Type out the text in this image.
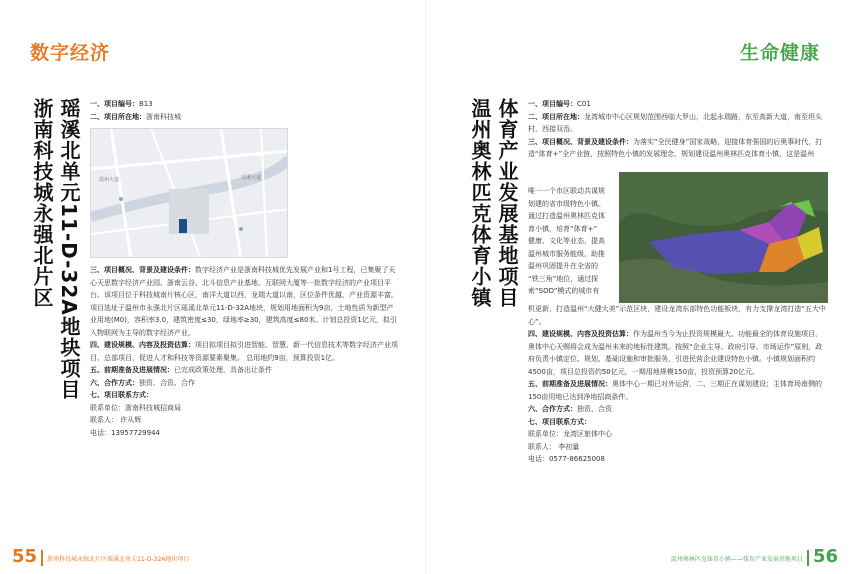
数字经济
瑶溪北单元11-D-32A地块项目
浙南科技城永强北片区	一、项目编号：B13
二、项目所在地：浙南科技城
瑶溪大道
温州大道
三、项目概况、背景及建设条件：数字经济产业是浙南科技城优先发展产业和1号工程，已集聚了天心天思数字经济产业园、浙南云谷、北斗信息产业基地、互联网大厦等一批数字经济的产业项目平台。该项目位于科技城南片核心区，南洋大道以西，龙瑞大道以南，区位条件优越，产业资源丰富。项目选址于温州市永强北片区瑶溪北单元11-D-32A地块，规划用地面积为9亩，土地性质为新型产业用地(M0)，容积率3.0，建筑密度≤30，绿地率≥30，建筑高度≤80米。计划总投资1亿元，拟引入物联网为主导的数字经济产业。
四、建设规模、内容及投资估算：项目拟项目拟引进智能、智慧、新一代信息技术等数字经济产业项目、总部项目，促进人才和科技等资源要素聚集。 总用地约9亩，预算投资1亿。
五、前期准备及进展情况：已完成政策处理，具备出让条件
六、合作方式：独资、合资、合作
七、项目联系方式：
联系单位：浙南科技城招商局
联系人： 许从辉
电话：13957729944
55 浙南科技城永强北片区瑶溪北单元11-D-32A地块项目
生命健康
体育产业发展基地项目
温州奥林匹克体育小镇	一、项目编号：C01
二、项目所在地：龙湾城市中心区规划范围西临大罗山，北起永瑞路，东至高新大道，南至坦头村，西接双岙。
三、项目概况、背景及建设条件：为落实“全民健身”国家战略，迎接体育强国的后奥事时代，打造“体育+”全产业链，按照特色小镇的发展理念，规划建设温州奥林匹克体育小镇，这是温州
唯一一个市区联动共谋规
划建的省市级特色小镇。
通过打造温州奥林匹克体
育小镇，培育“体育+”
健康、文化等业态，提高
温州城市服务能级，助推
温州巩固提升在全省的
“铁三角”地位，通过探
索“SOD”模式的城市有
机更新，打造温州“大健大美”示范区块，建设龙湾东部特色功能板块，有力支撑龙湾打造“五大中心”。
四、建设规模、内容及投资估算：作为温州当今为止投资规模最大、功能最全的体育设施项目，奥体中心天赐将会成为温州未来的地标性建筑。按照“企业主导、政府引导、市场运作”原则，政府负责小镇定位、规划、基础设施和审批服务，引进民营企业建设特色小镇。小镇规划面积约4500亩，项目总投资约50亿元，一期用地规模150亩，投资预算20亿元。
五、前期准备及进展情况：奥体中心一期已对外运营，二、三期正在谋划建设；主体育场南侧的150亩用地已达到净地招商条件。
六、合作方式：独资、合资
七、项目联系方式：
联系单位：龙湾区旅体中心
联系人： 李初量
电话：0577-86625008
温州奥林匹克体育小镇——体育产业发展基地项目 56
